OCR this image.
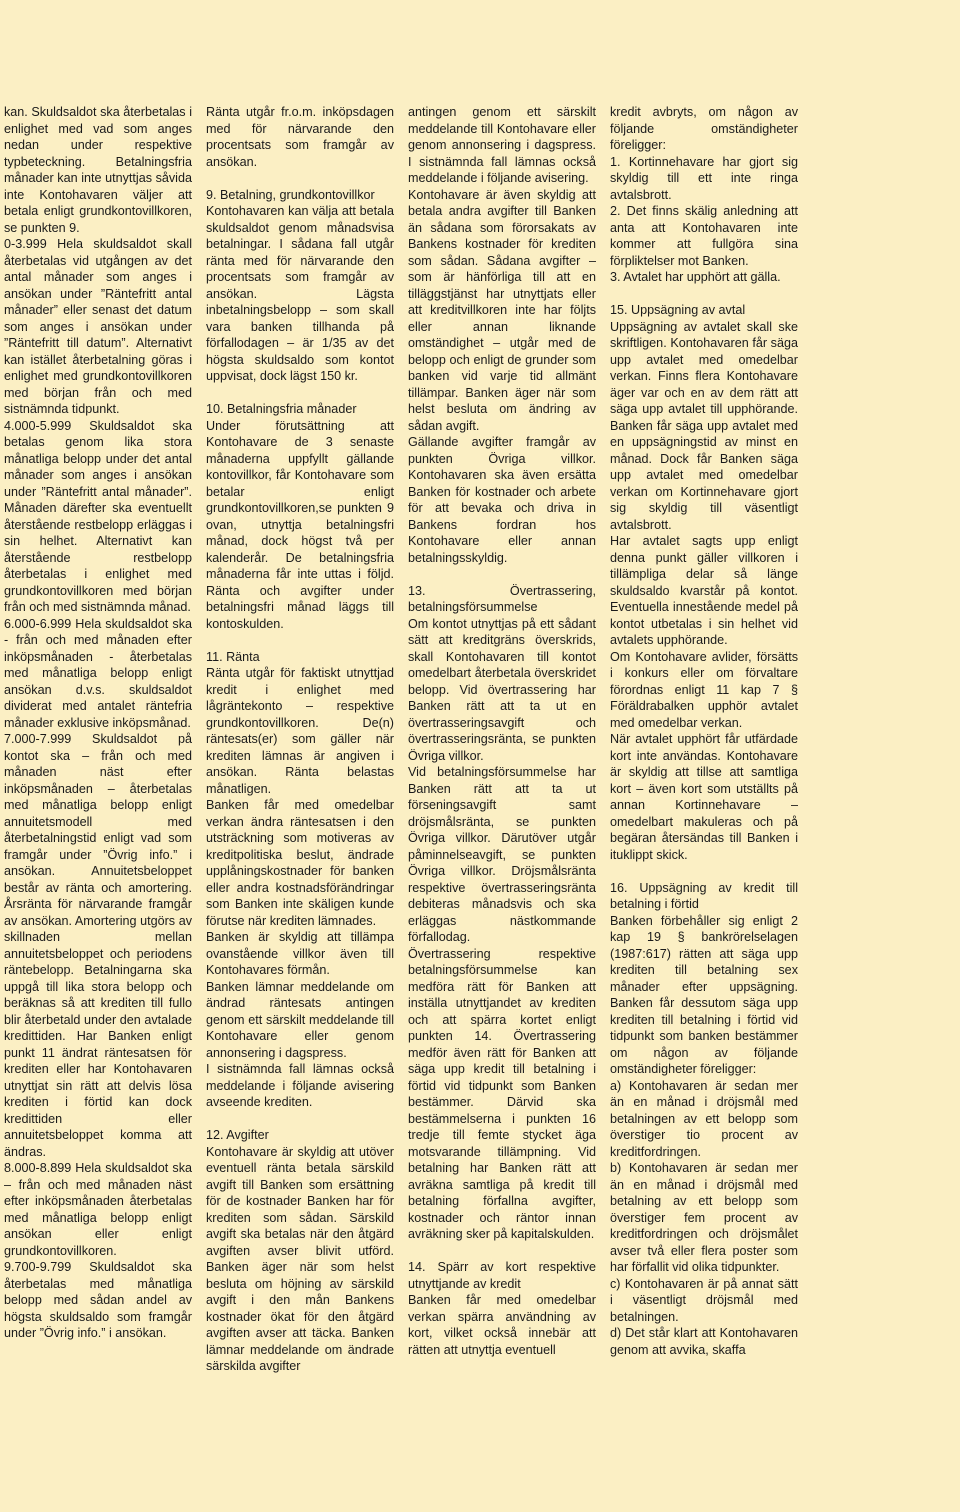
kan. Skuldsaldot ska återbetalas i enlighet med vad som anges nedan under respektive typbeteckning. Betalningsfria månader kan inte utnyttjas såvida inte Kontohavaren väljer att betala enligt grundkontovillkoren, se punkten 9.

0-3.999 Hela skuldsaldot skall återbetalas vid utgången av det antal månader som anges i ansökan under ”Räntefritt antal månader” eller senast det datum som anges i ansökan under ”Räntefritt till datum”. Alternativt kan istället återbetalning göras i enlighet med grundkontovillkoren med början från och med sistnämnda tidpunkt.

4.000-5.999 Skuldsaldot ska betalas genom lika stora månatliga belopp under det antal månader som anges i ansökan under ”Räntefritt antal månader”. Månaden därefter ska eventuellt återstående restbelopp erläggas i sin helhet. Alternativt kan återstående restbelopp återbetalas i enlighet med grundkontovillkoren med början från och med sistnämnda månad.

6.000-6.999 Hela skuldsaldot ska - från och med månaden efter inköpsmånaden - återbetalas med månatliga belopp enligt ansökan d.v.s. skuldsaldot dividerat med antalet räntefria månader exklusive inköpsmånad.

7.000-7.999 Skuldsaldot på kontot ska – från och med månaden näst efter inköpsmånaden – återbetalas med månatliga belopp enligt annuitetsmodell med återbetalningstid enligt vad som framgår under ”Övrig info.” i ansökan. Annuitetsbeloppet består av ränta och amortering. Årsränta för närvarande framgår av ansökan. Amortering utgörs av skillnaden mellan annuitetsbeloppet och periodens räntebelopp. Betalningarna ska uppgå till lika stora belopp och beräknas så att krediten till fullo blir återbetald under den avtalade kredittiden. Har Banken enligt punkt 11 ändrat räntesatsen för krediten eller har Kontohavaren utnyttjat sin rätt att delvis lösa krediten i förtid kan dock kredittiden eller annuitetsbeloppet komma att ändras.

8.000-8.899 Hela skuldsaldot ska – från och med månaden näst efter inköpsmånaden återbetalas med månatliga belopp enligt ansökan eller enligt grundkontovillkoren.

9.700-9.799 Skuldsaldot ska återbetalas med månatliga belopp med sådan andel av högsta skuldsaldo som framgår under ”Övrig info.” i ansökan.

Ränta utgår fr.o.m. inköpsdagen med för närvarande den procentsats som framgår av ansökan.

9. Betalning, grundkontovillkor

Kontohavaren kan välja att betala skuldsaldot genom månadsvisa betalningar. I sådana fall utgår ränta med för närvarande den procentsats som framgår av ansökan. Lägsta inbetalningsbelopp – som skall vara banken tillhanda på förfallodagen – är 1/35 av det högsta skuldsaldo som kontot uppvisat, dock lägst 150 kr.

10. Betalningsfria månader

Under förutsättning att Kontohavare de 3 senaste månaderna uppfyllt gällande kontovillkor, får Kontohavare som betalar enligt grundkontovillkoren,se punkten 9 ovan, utnyttja betalningsfri månad, dock högst två per kalenderår. De betalningsfria månaderna får inte uttas i följd. Ränta och avgifter under betalningsfri månad läggs till kontoskulden.

11. Ränta

Ränta utgår för faktiskt utnyttjad kredit i enlighet med lågräntekonto – respektive grundkontovillkoren. De(n) räntesats(er) som gäller när krediten lämnas är angiven i ansökan. Ränta belastas månatligen.

Banken får med omedelbar verkan ändra räntesatsen i den utsträckning som motiveras av kreditpolitiska beslut, ändrade upplåningskostnader för banken eller andra kostnadsförändringar som Banken inte skäligen kunde förutse när krediten lämnades.

Banken är skyldig att tillämpa ovanstående villkor även till Kontohavares förmån.

Banken lämnar meddelande om ändrad räntesats antingen genom ett särskilt meddelande till Kontohavare eller genom annonsering i dagspress.

I sistnämnda fall lämnas också meddelande i följande avisering avseende krediten.

12. Avgifter

Kontohavare är skyldig att utöver eventuell ränta betala särskild avgift till Banken som ersättning för de kostnader Banken har för krediten som sådan. Särskild avgift ska betalas när den åtgärd avgiften avser blivit utförd. Banken äger när som helst besluta om höjning av särskild avgift i den mån Bankens kostnader ökat för den åtgärd avgiften avser att täcka. Banken lämnar meddelande om ändrade särskilda avgifter

antingen genom ett särskilt meddelande till Kontohavare eller genom annonsering i dagspress. I sistnämnda fall lämnas också meddelande i följande avisering.

Kontohavare är även skyldig att betala andra avgifter till Banken än sådana som förorsakats av Bankens kostnader för krediten som sådan. Sådana avgifter – som är hänförliga till att en tilläggstjänst har utnyttjats eller att kreditvillkoren inte har följts eller annan liknande omständighet – utgår med de belopp och enligt de grunder som banken vid varje tid allmänt tillämpar. Banken äger när som helst besluta om ändring av sådan avgift.

Gällande avgifter framgår av punkten Övriga villkor. Kontohavaren ska även ersätta Banken för kostnader och arbete för att bevaka och driva in Bankens fordran hos Kontohavare eller annan betalningsskyldig.

13. Övertrassering, betalningsförsummelse

Om kontot utnyttjas på ett sådant sätt att kreditgräns överskrids, skall Kontohavaren till kontot omedelbart återbetala överskridet belopp. Vid övertrassering har Banken rätt att ta ut en övertrasseringsavgift och övertrasseringsränta, se punkten Övriga villkor.

Vid betalningsförsummelse har Banken rätt att ta ut förseningsavgift samt dröjsmålsränta, se punkten Övriga villkor. Därutöver utgår påminnelseavgift, se punkten Övriga villkor. Dröjsmålsränta respektive övertrasseringsränta debiteras månadsvis och ska erläggas nästkommande förfallodag.

Övertrassering respektive betalningsförsummelse kan medföra rätt för Banken att inställa utnyttjandet av krediten och att spärra kortet enligt punkten 14. Övertrassering medför även rätt för Banken att säga upp kredit till betalning i förtid vid tidpunkt som Banken bestämmer. Därvid ska bestämmelserna i punkten 16 tredje till femte stycket äga motsvarande tillämpning. Vid betalning har Banken rätt att avräkna samtliga på kredit till betalning förfallna avgifter, kostnader och räntor innan avräkning sker på kapitalskulden.

14. Spärr av kort respektive utnyttjande av kredit

Banken får med omedelbar verkan spärra användning av kort, vilket också innebär att rätten att utnyttja eventuell

kredit avbryts, om någon av följande omständigheter föreligger:

1. Kortinnehavare har gjort sig skyldig till ett inte ringa avtalsbrott.

2. Det finns skälig anledning att anta att Kontohavaren inte kommer att fullgöra sina förpliktelser mot Banken.

3. Avtalet har upphört att gälla.

15. Uppsägning av avtal

Uppsägning av avtalet skall ske skriftligen. Kontohavaren får säga upp avtalet med omedelbar verkan. Finns flera Kontohavare äger var och en av dem rätt att säga upp avtalet till upphörande. Banken får säga upp avtalet med en uppsägningstid av minst en månad. Dock får Banken säga upp avtalet med omedelbar verkan om Kortinnehavare gjort sig skyldig till väsentligt avtalsbrott.

Har avtalet sagts upp enligt denna punkt gäller villkoren i tillämpliga delar så länge skuldsaldo kvarstår på kontot. Eventuella innestående medel på kontot utbetalas i sin helhet vid avtalets upphörande.

Om Kontohavare avlider, försätts i konkurs eller om förvaltare förordnas enligt 11 kap 7 § Föräldrabalken upphör avtalet med omedelbar verkan.

När avtalet upphört får utfärdade kort inte användas. Kontohavare är skyldig att tillse att samtliga kort – även kort som utställts på annan Kortinnehavare – omedelbart makuleras och på begäran återsändas till Banken i ituklippt skick.

16. Uppsägning av kredit till betalning i förtid

Banken förbehåller sig enligt 2 kap 19 § bankrörelselagen (1987:617) rätten att säga upp krediten till betalning sex månader efter uppsägning. Banken får dessutom säga upp krediten till betalning i förtid vid tidpunkt som banken bestämmer om någon av följande omständigheter föreligger:

a) Kontohavaren är sedan mer än en månad i dröjsmål med betalningen av ett belopp som överstiger tio procent av kreditfordringen.

b) Kontohavaren är sedan mer än en månad i dröjsmål med betalning av ett belopp som överstiger fem procent av kreditfordringen och dröjsmålet avser två eller flera poster som har förfallit vid olika tidpunkter.

c) Kontohavaren är på annat sätt i väsentligt dröjsmål med betalningen.

d) Det står klart att Kontohavaren genom att avvika, skaffa
